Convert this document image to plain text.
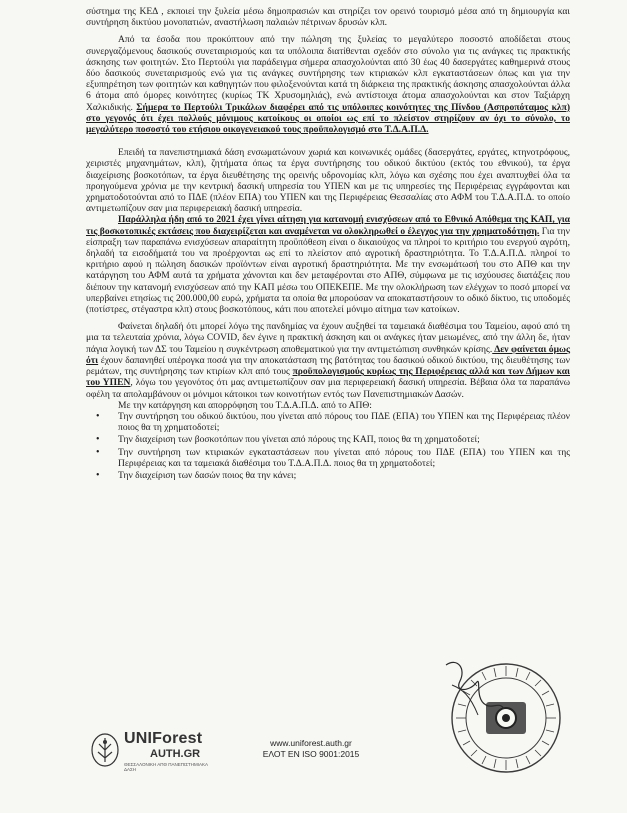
σύστημα της ΚΕΔ , εκποιεί την ξυλεία μέσω δημοπρασιών και στηρίζει τον ορεινό τουρισμό μέσα από τη δημιουργία και συντήρηση δικτύου μονοπατιών, αναστήλωση παλαιών πέτρινων δρυσών κλπ.

Από τα έσοδα που προκύπτουν από την πώληση της ξυλείας το μεγαλύτερο ποσοστό αποδίδεται στους συνεργαζόμενους δασικούς συνεταιρισμούς και τα υπόλοιπα διατίθενται σχεδόν στο σύνολο για τις ανάγκες τις πρακτικής άσκησης των φοιτητών. Στο Περτούλι για παράδειγμα σήμερα απασχολούνται από 30 έως 40 δασεργάτες καθημερινά στους δύο δασικούς συνεταιρισμούς ενώ για τις ανάγκες συντήρησης των κτιριακών κλπ εγκαταστάσεων όπως και για την εξυπηρέτηση των φοιτητών και καθηγητών που φιλοξενούνται κατά τη διάρκεια της πρακτικής άσκησης απασχολούνται άλλα 6 άτομα από όμορες κοινότητες (κυρίως ΤΚ Χρυσομηλιάς), ενώ αντίστοιχα άτομα απασχολούνται και στον Ταξιάρχη Χαλκιδικής. Σήμερα το Περτούλι Τρικάλων διαφέρει από τις υπόλοιπες κοινότητες της Πίνδου (Ασπροπόταμος κλπ) στο γεγονός ότι έχει πολλούς μόνιμους κατοίκους οι οποίοι ως επί το πλείστον στηρίζουν αν όχι το σύνολο, το μεγαλύτερο ποσοστό του ετήσιου οικογενειακού τους προϋπολογισμό στο Τ.Δ.Α.Π.Δ.

Επειδή τα πανεπιστημιακά δάση ενσωματώνουν χωριά και κοινωνικές ομάδες (δασεργάτες, εργάτες, κτηνοτρόφους, χειριστές μηχανημάτων, κλπ), ζητήματα όπως τα έργα συντήρησης του οδικού δικτύου (εκτός του εθνικού), τα έργα διαχείρισης βοσκοτόπων, τα έργα διευθέτησης της ορεινής υδρονομίας κλπ, λόγω και σχέσης που έχει αναπτυχθεί όλα τα προηγούμενα χρόνια με την κεντρική δασική υπηρεσία του ΥΠΕΝ και με τις υπηρεσίες της Περιφέρειας εγγράφονται και χρηματοδοτούνται από το ΠΔΕ (πλέον ΕΠΑ) του ΥΠΕΝ και της Περιφέρειας Θεσσαλίας στο ΑΦΜ του Τ.Δ.Α.Π.Δ. το οποίο αντιμετωπίζουν σαν μια περιφερειακή δασική υπηρεσία.

Παράλληλα ήδη από το 2021 έχει γίνει αίτηση για κατανομή ενισχύσεων από το Εθνικό Απόθεμα της ΚΑΠ, για τις βοσκοτοπικές εκτάσεις που διαχειρίζεται και αναμένεται να ολοκληρωθεί ο έλεγχος για την χρηματοδότηση. Για την είσπραξη των παραπάνω ενισχύσεων απαραίτητη προϋπόθεση είναι ο δικαιούχος να πληροί το κριτήριο του ενεργού αγρότη, δηλαδή τα εισοδήματά του να προέρχονται ως επί το πλείστον από αγροτική δραστηριότητα. Το Τ.Δ.Α.Π.Δ. πληροί το κριτήριο αφού η πώληση δασικών προϊόντων είναι αγροτική δραστηριότητα. Με την ενσωμάτωσή του στο ΑΠΘ και την κατάργηση του ΑΦΜ αυτά τα χρήματα χάνονται και δεν μεταφέρονται στο ΑΠΘ, σύμφωνα με τις ισχύουσες διατάξεις που διέπουν την κατανομή ενισχύσεων από την ΚΑΠ μέσω του ΟΠΕΚΕΠΕ. Με την ολοκλήρωση των ελέγχων το ποσό μπορεί να υπερβαίνει ετησίως τις 200.000,00 ευρώ, χρήματα τα οποία θα μπορούσαν να αποκαταστήσουν το οδικό δίκτυο, τις υποδομές (ποτίστρες, στέγαστρα κλπ) στους βοσκοτόπους, κάτι που αποτελεί μόνιμο αίτημα των κατοίκων.

Φαίνεται δηλαδή ότι μπορεί λόγω της πανδημίας να έχουν αυξηθεί τα ταμειακά διαθέσιμα του Ταμείου, αφού από τη μια τα τελευταία χρόνια, λόγω COVID, δεν έγινε η πρακτική άσκηση και οι ανάγκες ήταν μειωμένες, από την άλλη δε, ήταν πάγια λογική των ΔΣ του Ταμείου η συγκέντρωση αποθεματικού για την αντιμετώπιση συνθηκών κρίσης. Δεν φαίνεται όμως ότι έχουν δαπανηθεί υπέρογκα ποσά για την αποκατάσταση της βατότητας του δασικού οδικού δικτύου, της διευθέτησης των ρεμάτων, της συντήρησης των κτιρίων κλπ από τους προϋπολογισμούς κυρίως της Περιφέρειας αλλά και των Δήμων και του ΥΠΕΝ, λόγω του γεγονότος ότι μας αντιμετωπίζουν σαν μια περιφερειακή δασική υπηρεσία. Βέβαια όλα τα παραπάνω οφέλη τα απολαμβάνουν οι μόνιμοι κάτοικοι των κοινοτήτων εντός των Πανεπιστημιακών Δασών.

Με την κατάργηση και απορρόφηση του Τ.Δ.Α.Π.Δ. από το ΑΠΘ:

• Την συντήρηση του οδικού δικτύου, που γίνεται από πόρους του ΠΔΕ (ΕΠΑ) του ΥΠΕΝ και της Περιφέρειας πλέον ποιος θα τη χρηματοδοτεί;
• Την διαχείριση των βοσκοτόπων που γίνεται από πόρους της ΚΑΠ, ποιος θα τη χρηματοδοτεί;
• Την συντήρηση των κτιριακών εγκαταστάσεων που γίνεται από πόρους του ΠΔΕ (ΕΠΑ) του ΥΠΕΝ και της Περιφέρειας και τα ταμειακά διαθέσιμα του Τ.Δ.Α.Π.Δ. ποιος θα τη χρηματοδοτεί;
• Την διαχείριση των δασών ποιος θα την κάνει;
UNIForest
AUTH.GR
ΘΕΣΣΑΛΟΝΙΚΗ ΑΠΘ ΠΑΝΕΠΙΣΤΗΜΙΑΚΑ ΔΑΣΗ
www.uniforest.auth.gr
ΕΛΟΤ ΕΝ ISO 9001:2015
